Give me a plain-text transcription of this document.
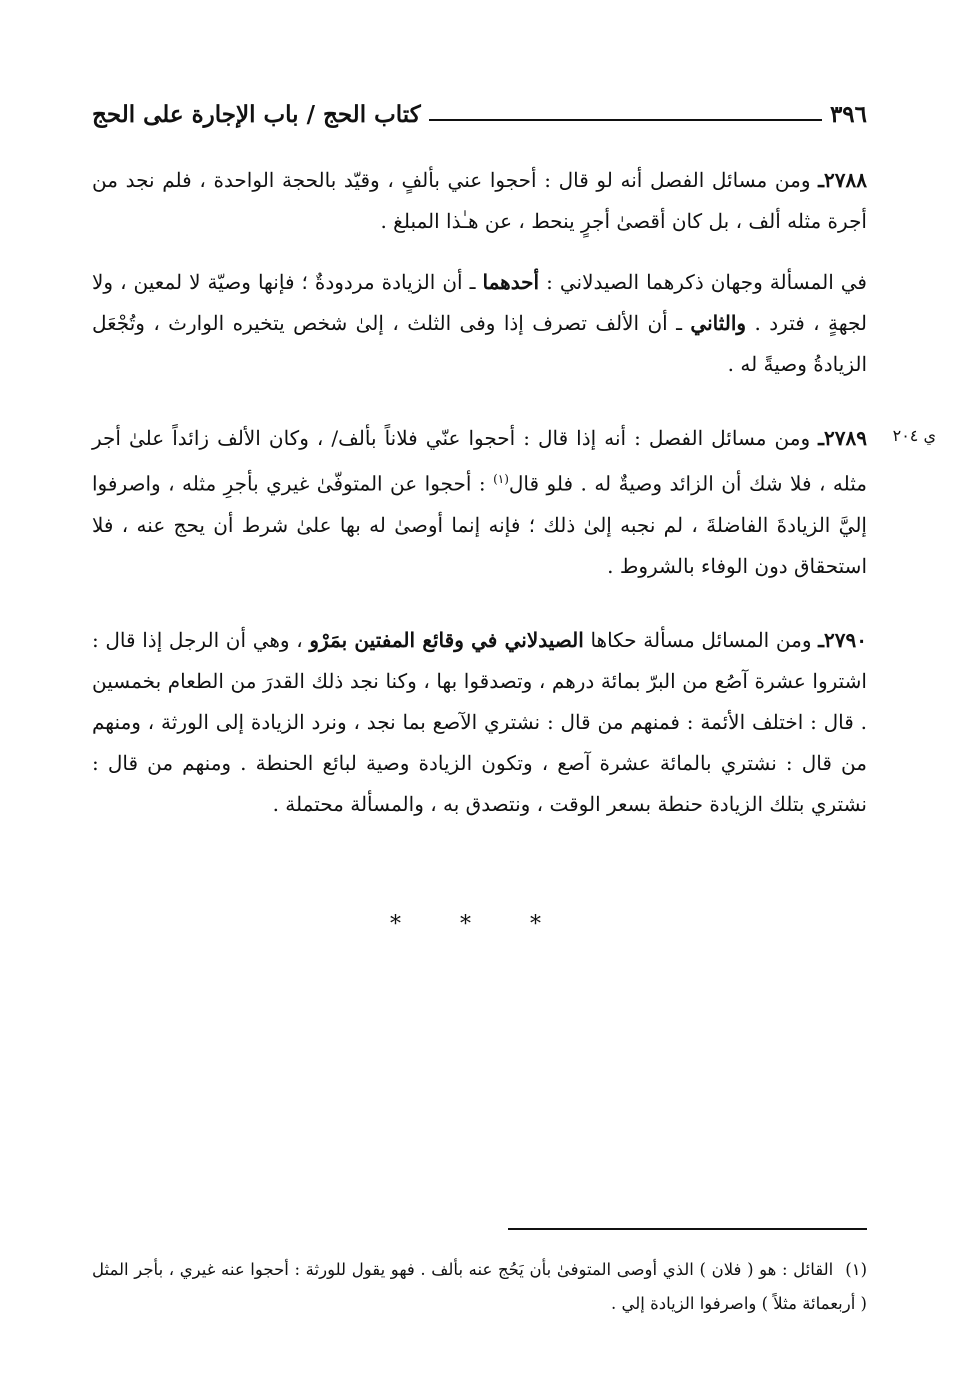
٣٩٦
كتاب الحج / باب الإجارة على الحج
٢٧٨٨ـ ومن مسائل الفصل أنه لو قال : أحجوا عني بألفٍ ، وقيّد بالحجة الواحدة ، فلم نجد من أجرة مثله ألف ، بل كان أقصىٰ أجرٍ ينحط ، عن هـٰذا المبلغ .
في المسألة وجهان ذكرهما الصيدلاني : أحدهما ـ أن الزيادة مردودةٌ ؛ فإنها وصيّة لا لمعين ، ولا لجهةٍ ، فترد . والثاني ـ أن الألف تصرف إذا وفى الثلث ، إلىٰ شخص يتخيره الوارث ، وتُجْعَل الزيادةُ وصيةً له .
ي ٢٠٤
٢٧٨٩ـ ومن مسائل الفصل : أنه إذا قال : أحجوا عنّي فلاناً بألف/ ، وكان الألف زائداً علىٰ أجر مثله ، فلا شك أن الزائد وصيةٌ له . فلو قال$^{(١)}$ : أحجوا عن المتوفّىٰ غيري بأجرِ مثله ، واصرفوا إليَّ الزيادةَ الفاضلةَ ، لم نجبه إلىٰ ذلك ؛ فإنه إنما أوصىٰ له بها علىٰ شرط أن يحج عنه ، فلا استحقاق دون الوفاء بالشروط .
٢٧٩٠ـ ومن المسائل مسألة حكاها الصيدلاني في وقائع المفتين بمَرْو ، وهي أن الرجل إذا قال : اشتروا عشرة آصُع من البرّ بمائة درهم ، وتصدقوا بها ، وكنا نجد ذلك القدرَ من الطعام بخمسين . قال : اختلف الأئمة : فمنهم من قال : نشتري الآصع بما نجد ، ونرد الزيادة إلى الورثة ، ومنهم من قال : نشتري بالمائة عشرة آصع ، وتكون الزيادة وصية لبائع الحنطة . ومنهم من قال : نشتري بتلك الزيادة حنطة بسعر الوقت ، ونتصدق به ، والمسألة محتملة .
* * *
(١)القائل : هو ( فلان ) الذي أوصى المتوفىٰ بأن يَحُج عنه بألف . فهو يقول للورثة : أحجوا عنه غيري ، بأجر المثل ( أربعمائة مثلاً ) واصرفوا الزيادة إلي .
